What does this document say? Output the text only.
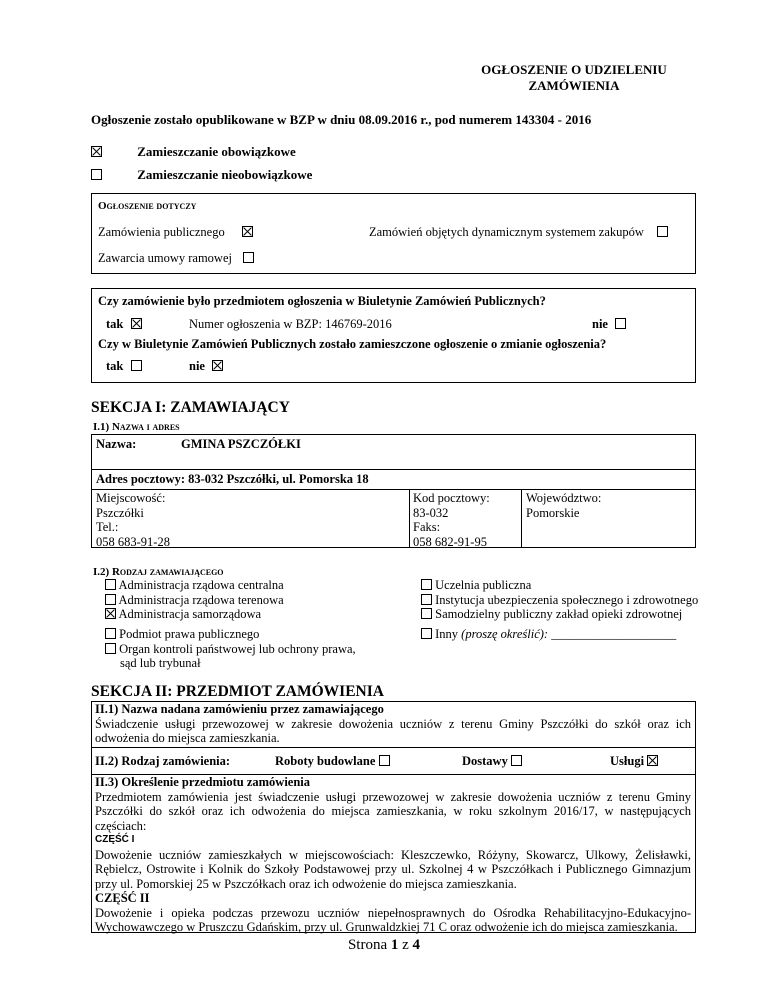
OGŁOSZENIE O UDZIELENIU
ZAMÓWIENIA
Ogłoszenie zostało opublikowane w BZP w dniu 08.09.2016 r., pod numerem 143304 - 2016
Zamieszczanie obowiązkowe
Zamieszczanie nieobowiązkowe
Ogłoszenie dotyczy
Zamówienia publicznego	Zamówień objętych dynamicznym systemem zakupów
Zawarcia umowy ramowej
Czy zamówienie było przedmiotem ogłoszenia w Biuletynie Zamówień Publicznych?
tak	Numer ogłoszenia w BZP: 146769-2016	nie
Czy w Biuletynie Zamówień Publicznych zostało zamieszczone ogłoszenie o zmianie ogłoszenia?
tak	nie
SEKCJA I: ZAMAWIAJĄCY
I.1) Nazwa i adres
Nazwa:	GMINA PSZCZÓŁKI
Adres pocztowy: 83-032 Pszczółki, ul. Pomorska 18
Miejscowość:
Pszczółki
Tel.:
058 683-91-28
Kod pocztowy:
83-032
Faks:
058 682-91-95
Województwo:
Pomorskie
I.2) Rodzaj zamawiającego
Administracja rządowa centralna
Administracja rządowa terenowa
Administracja samorządowa
Podmiot prawa publicznego
Organ kontroli państwowej lub ochrony prawa,
sąd lub trybunał
Uczelnia publiczna
Instytucja ubezpieczenia społecznego i zdrowotnego
Samodzielny publiczny zakład opieki zdrowotnej
Inny (proszę określić): ____________________
SEKCJA II: PRZEDMIOT ZAMÓWIENIA
II.1) Nazwa nadana zamówieniu przez zamawiającego
Świadczenie usługi przewozowej w zakresie dowożenia uczniów z terenu Gminy Pszczółki do szkół oraz ich odwożenia do miejsca zamieszkania.
II.2) Rodzaj zamówienia:	Roboty budowlane	Dostawy	Usługi
II.3) Określenie przedmiotu zamówienia
Przedmiotem zamówienia jest świadczenie usługi przewozowej w zakresie dowożenia uczniów z terenu Gminy Pszczółki do szkół oraz ich odwożenia do miejsca zamieszkania, w roku szkolnym 2016/17, w następujących częściach:
CZĘŚĆ I
Dowożenie uczniów zamieszkałych w miejscowościach: Kleszczewko, Różyny, Skowarcz, Ulkowy, Żelisławki, Rębielcz, Ostrowite i Kolnik do Szkoły Podstawowej przy ul. Szkolnej 4 w Pszczółkach i Publicznego Gimnazjum przy ul. Pomorskiej 25 w Pszczółkach oraz ich odwożenie do miejsca zamieszkania.
CZĘŚĆ II
Dowożenie i opieka podczas przewozu uczniów niepełnosprawnych do Ośrodka Rehabilitacyjno-Edukacyjno-Wychowawczego w Pruszczu Gdańskim, przy ul. Grunwaldzkiej 71 C oraz odwożenie ich do miejsca zamieszkania.
Strona 1 z 4
